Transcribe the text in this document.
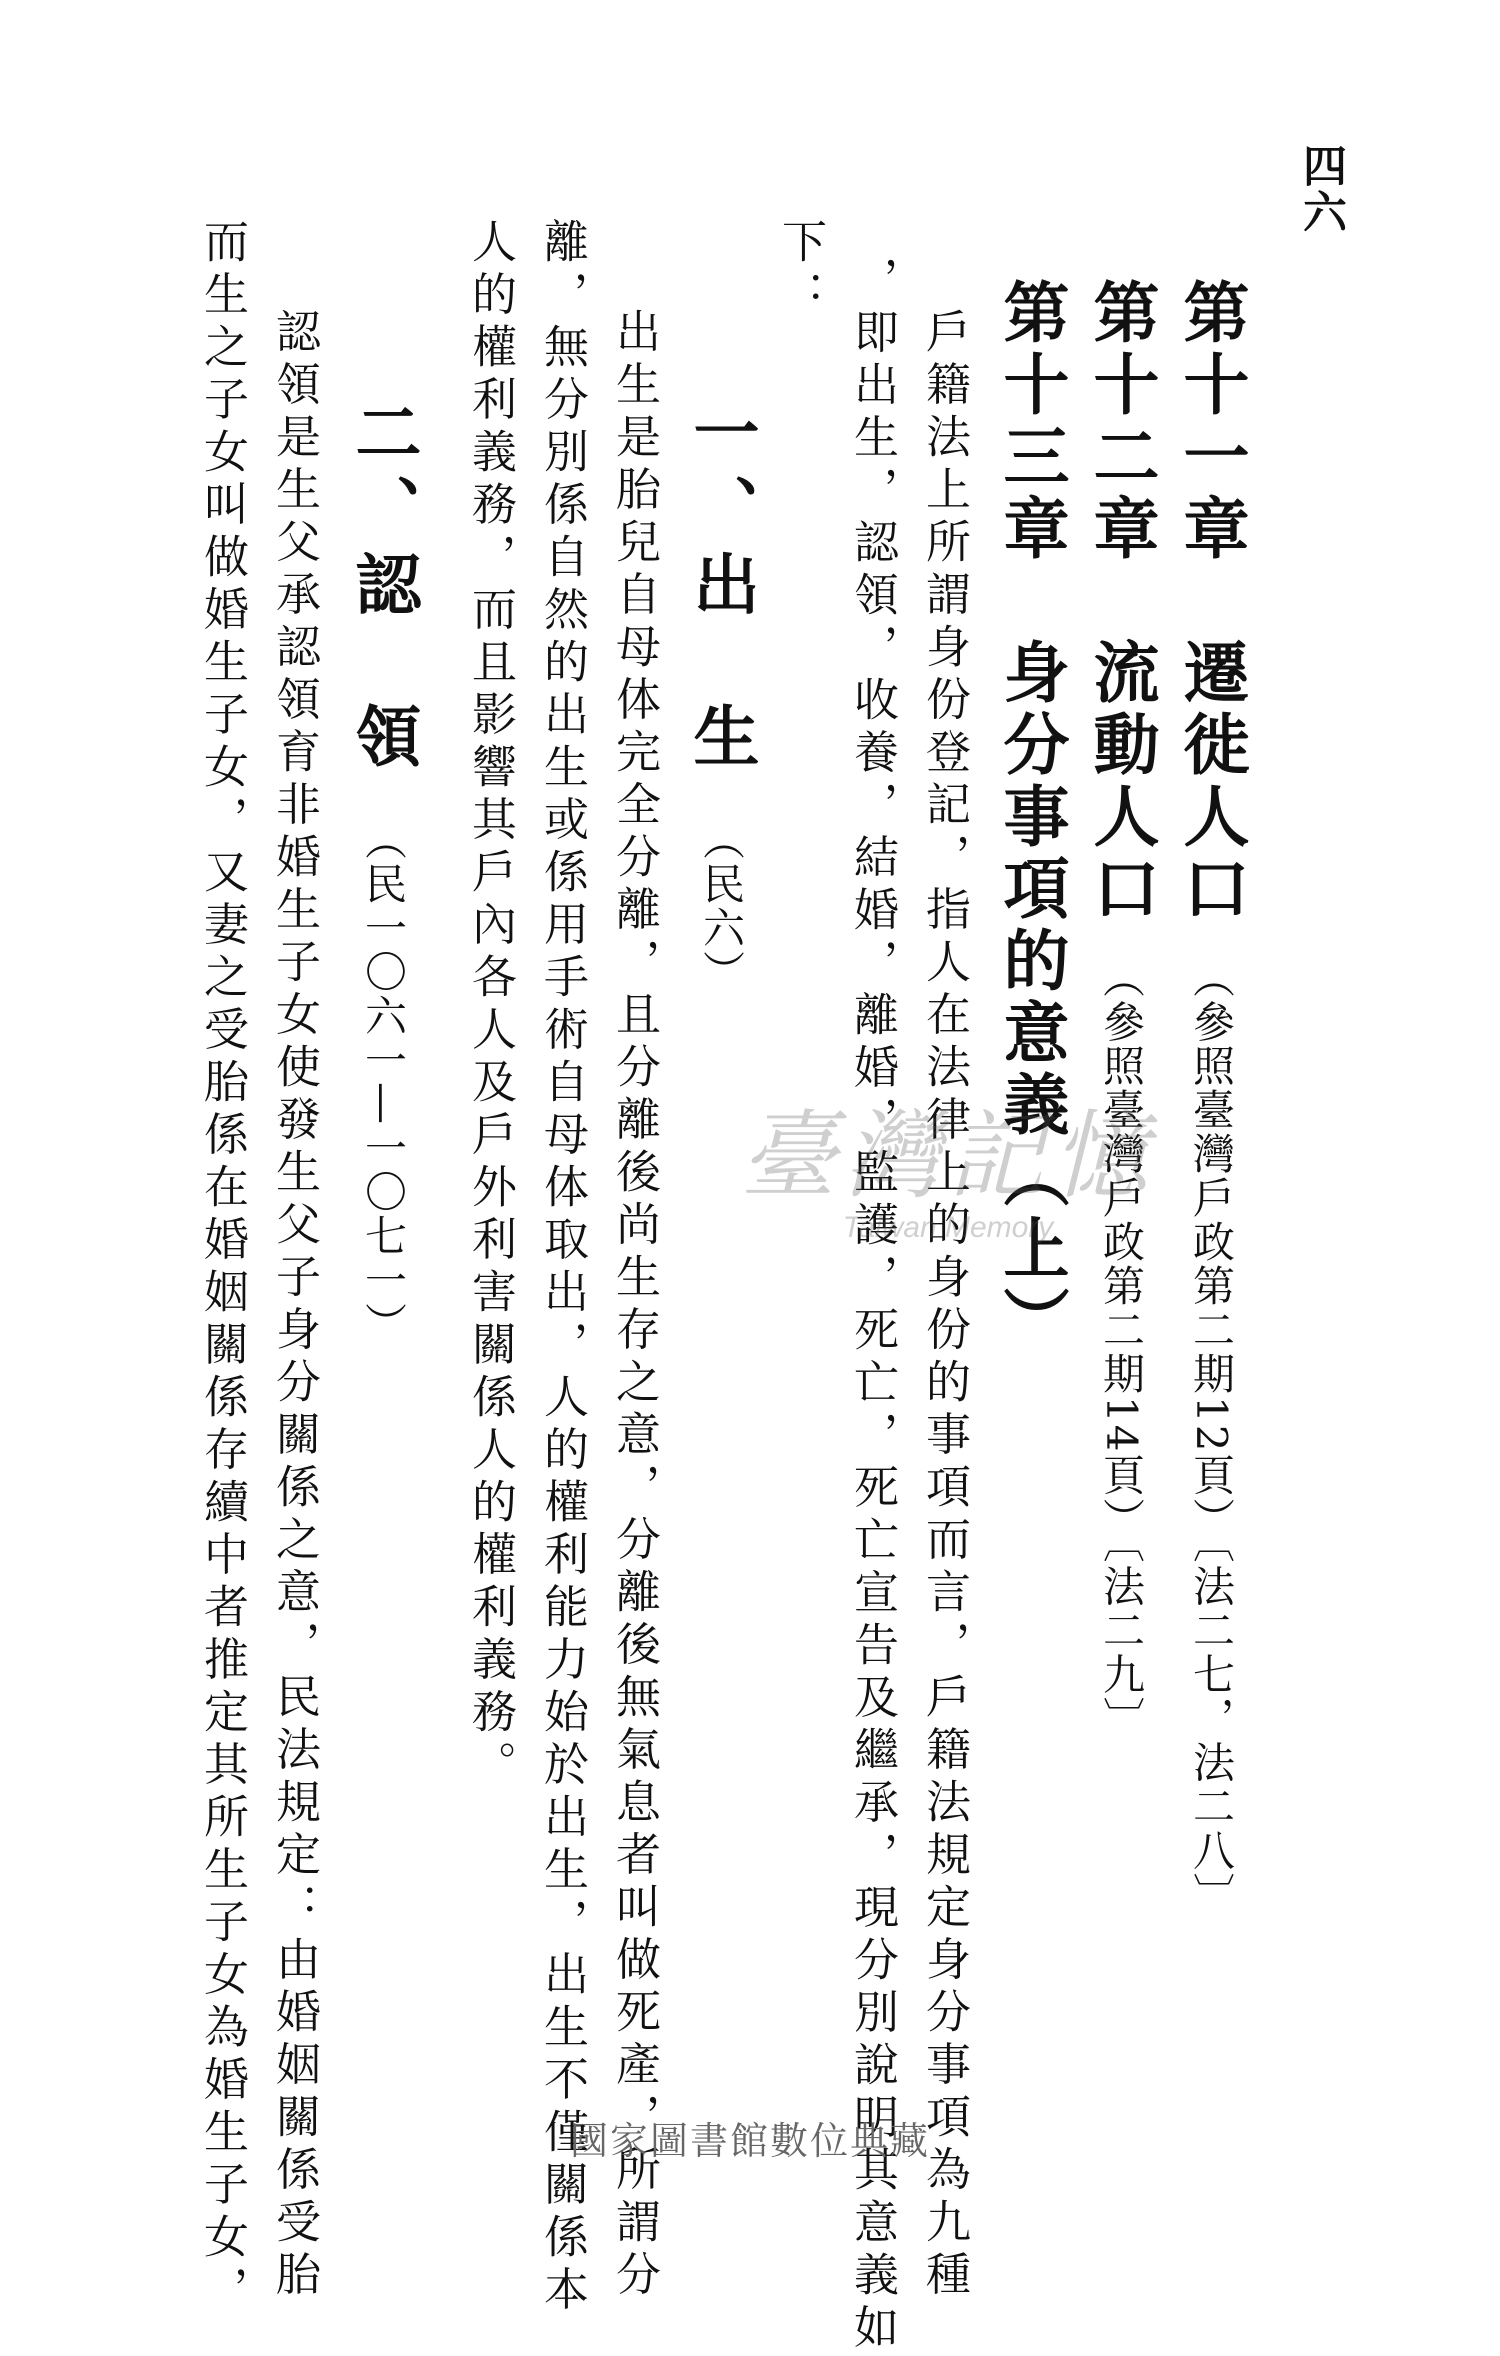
四六
第十一章　遷徙人口（參照臺灣戶政第二期12頁）〔法二七，法二八〕
第十二章　流動人口（參照臺灣戶政第二期14頁）〔法二九〕
第十三章　身分事項的意義（上）
戶籍法上所謂身份登記，指人在法律上的身份的事項而言，戶籍法規定身分事項為九種
，即出生，認領，收養，結婚，離婚，監護，死亡，死亡宣告及繼承，現分別說明其意義如
下：
一、出　生（民六）
出生是胎兒自母体完全分離，且分離後尚生存之意，分離後無氣息者叫做死產，所謂分
離，無分別係自然的出生或係用手術自母体取出，人的權利能力始於出生，出生不僅關係本
人的權利義務，而且影響其戶內各人及戶外利害關係人的權利義務。
二、認　領（民一〇六一—一〇七一）
認領是生父承認領育非婚生子女使發生父子身分關係之意，民法規定：由婚姻關係受胎
而生之子女叫做婚生子女，又妻之受胎係在婚姻關係存續中者推定其所生子女為婚生子女，	臺灣記憶
Taiwan Memory
國家圖書館數位典藏
